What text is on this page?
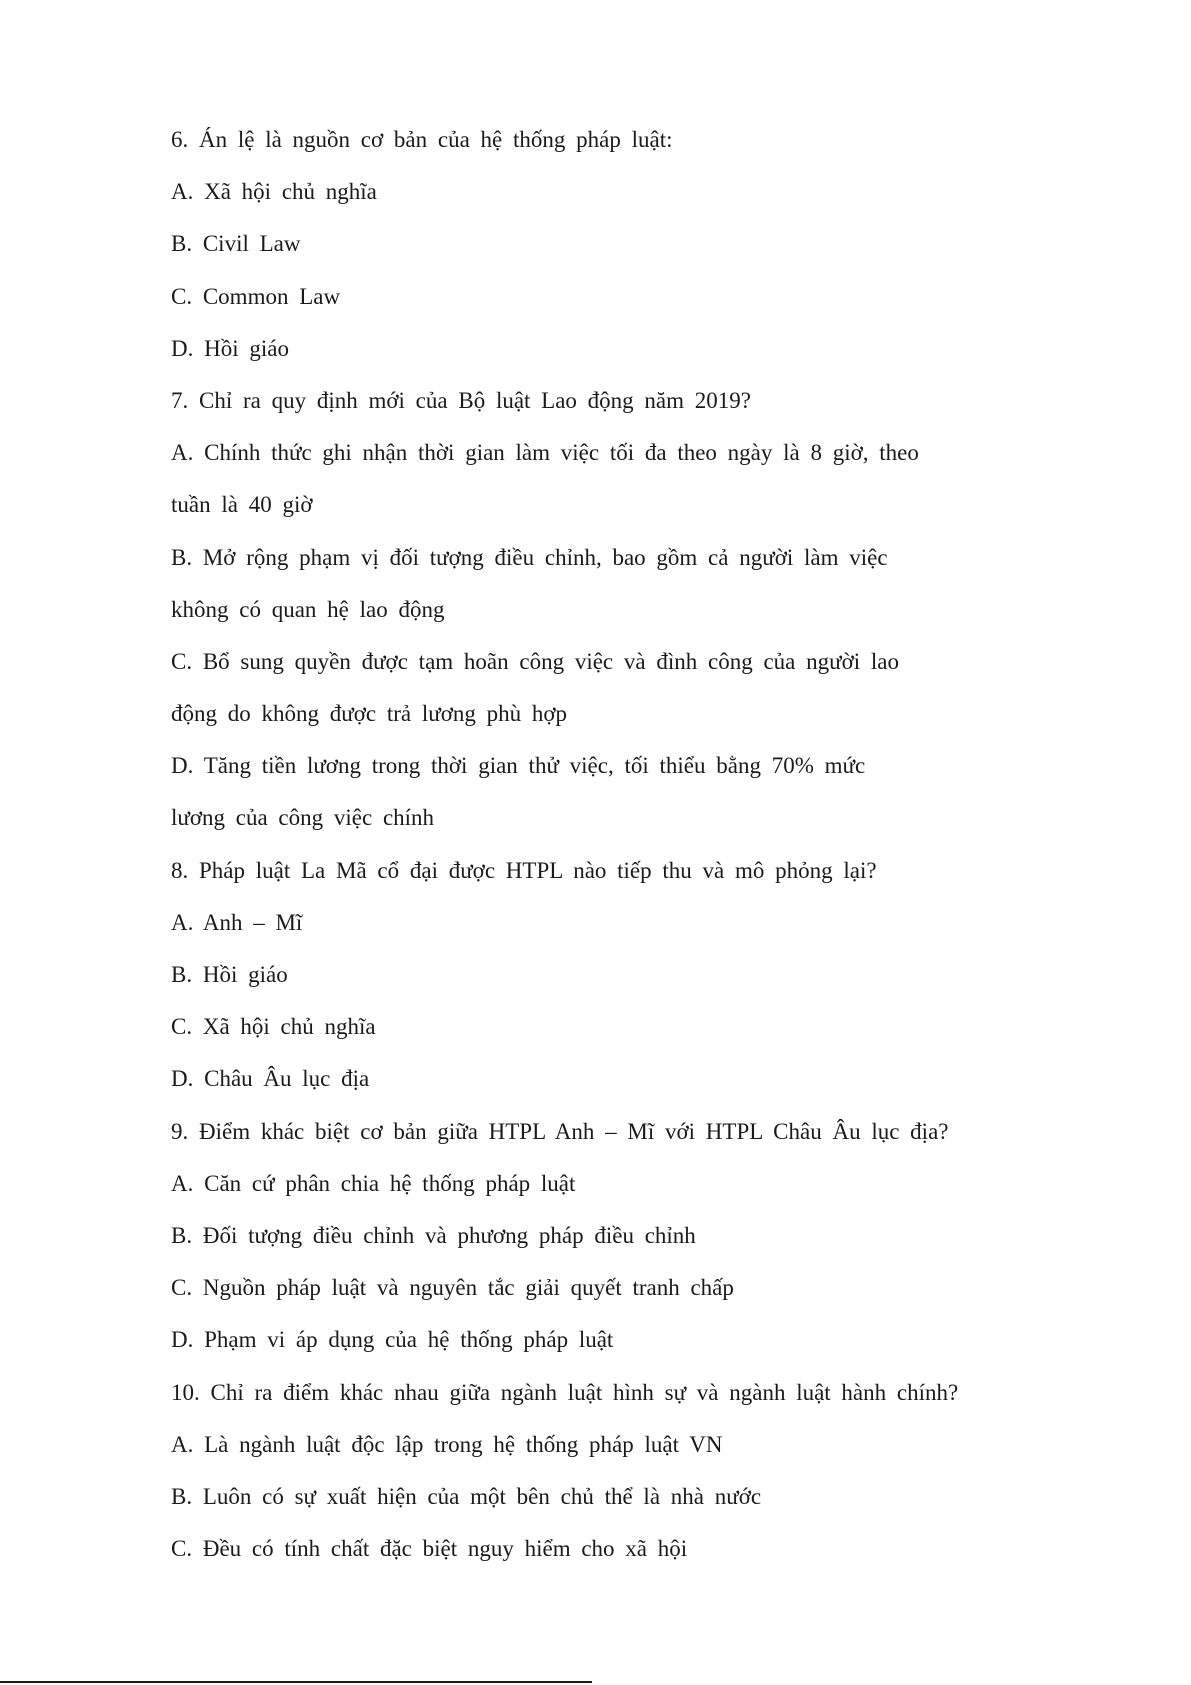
6. Án lệ là nguồn cơ bản của hệ thống pháp luật:
A. Xã hội chủ nghĩa
B. Civil Law
C. Common Law
D. Hồi giáo
7. Chỉ ra quy định mới của Bộ luật Lao động năm 2019?
A. Chính thức ghi nhận thời gian làm việc tối đa theo ngày là 8 giờ, theo
tuần là 40 giờ
B. Mở rộng phạm vị đối tượng điều chỉnh, bao gồm cả người làm việc
không có quan hệ lao động
C. Bổ sung quyền được tạm hoãn công việc và đình công của người lao
động do không được trả lương phù hợp
D. Tăng tiền lương trong thời gian thử việc, tối thiểu bằng 70% mức
lương của công việc chính
8. Pháp luật La Mã cổ đại được HTPL nào tiếp thu và mô phỏng lại?
A. Anh – Mĩ
B. Hồi giáo
C. Xã hội chủ nghĩa
D. Châu Âu lục địa
9. Điểm khác biệt cơ bản giữa HTPL Anh – Mĩ với HTPL Châu Âu lục địa?
A. Căn cứ phân chia hệ thống pháp luật
B. Đối tượng điều chỉnh và phương pháp điều chỉnh
C. Nguồn pháp luật và nguyên tắc giải quyết tranh chấp
D. Phạm vi áp dụng của hệ thống pháp luật
10. Chỉ ra điểm khác nhau giữa ngành luật hình sự và ngành luật hành chính?
A. Là ngành luật độc lập trong hệ thống pháp luật VN
B. Luôn có sự xuất hiện của một bên chủ thể là nhà nước
C. Đều có tính chất đặc biệt nguy hiểm cho xã hội
